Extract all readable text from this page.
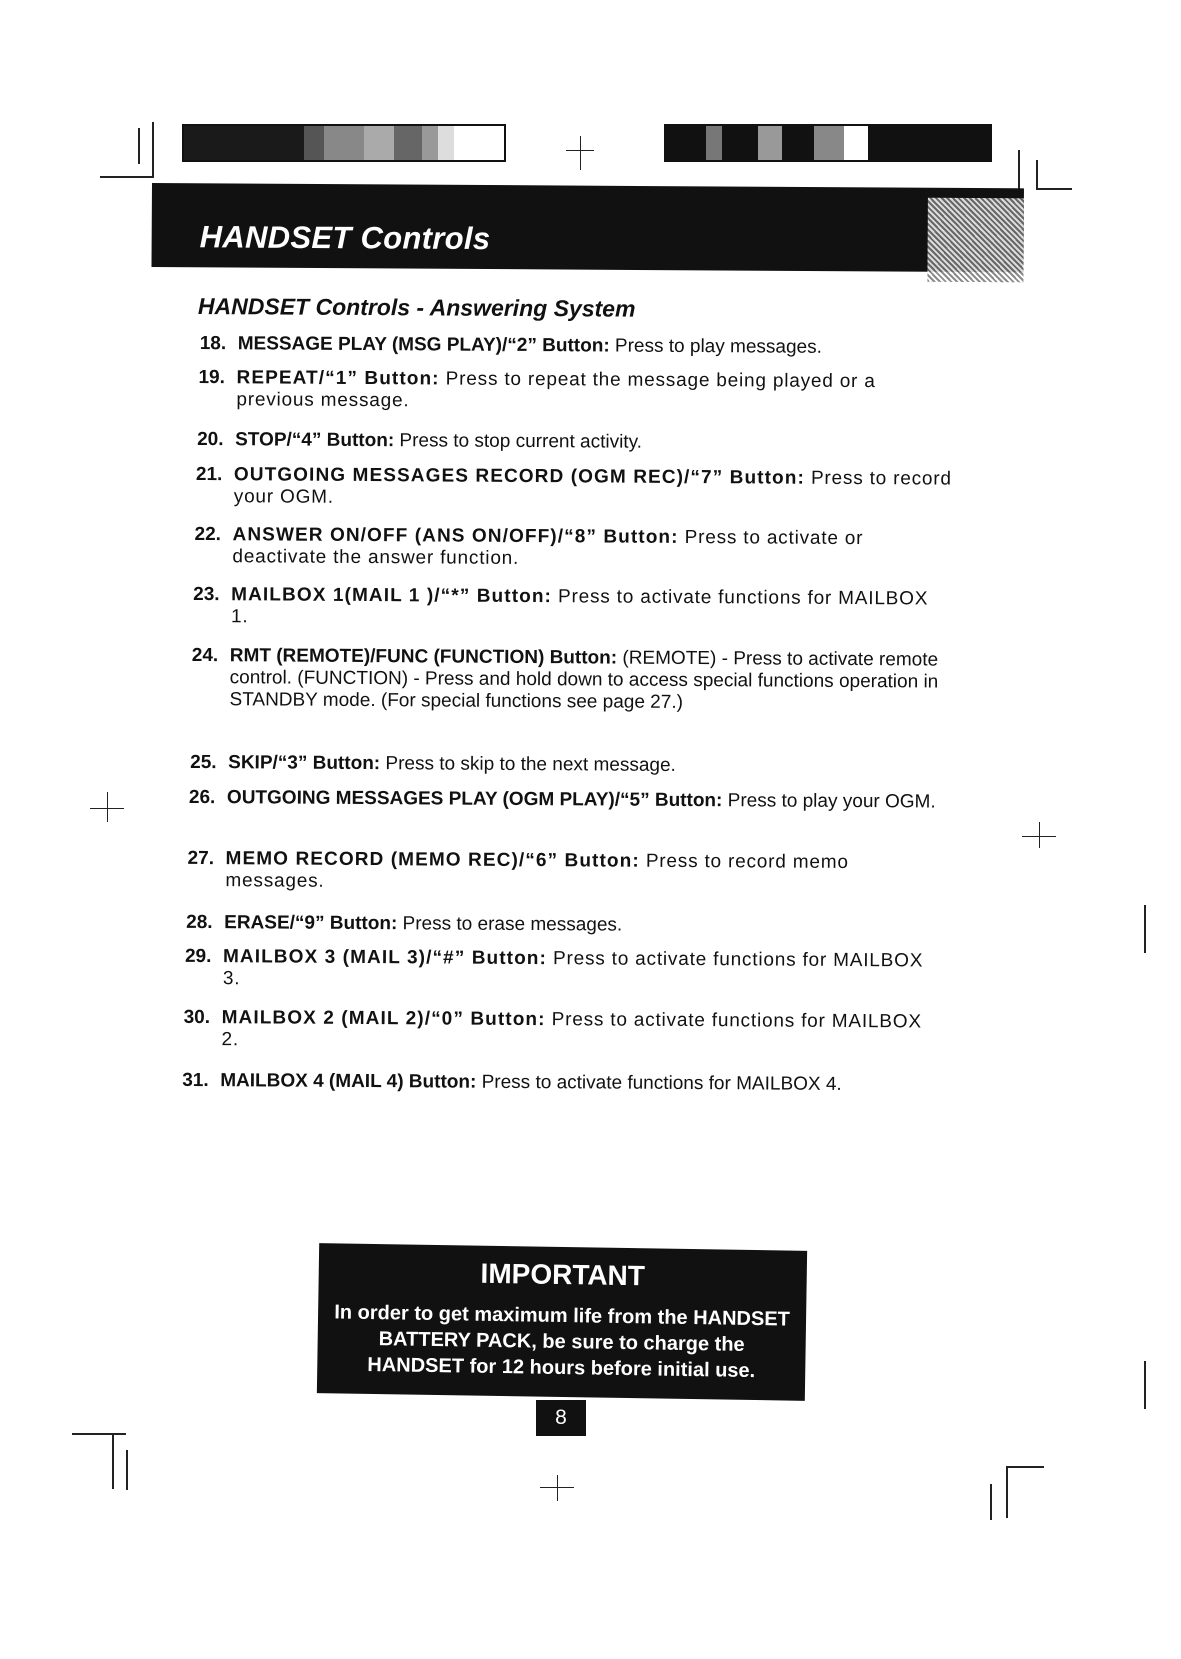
HANDSET Controls
HANDSET Controls - Answering System
18. MESSAGE PLAY (MSG PLAY)/“2” Button: Press to play messages.
19. REPEAT/“1” Button: Press to repeat the message being played or a previous message.
20. STOP/“4” Button: Press to stop current activity.
21. OUTGOING MESSAGES RECORD (OGM REC)/“7” Button: Press to record your OGM.
22. ANSWER ON/OFF (ANS ON/OFF)/“8” Button: Press to activate or deactivate the answer function.
23. MAILBOX 1(MAIL 1 )/“*” Button: Press to activate functions for MAILBOX 1.
24. RMT (REMOTE)/FUNC (FUNCTION) Button: (REMOTE) - Press to activate remote control. (FUNCTION) - Press and hold down to access special functions operation in STANDBY mode. (For special functions see page 27.)
25. SKIP/“3” Button: Press to skip to the next message.
26. OUTGOING MESSAGES PLAY (OGM PLAY)/“5” Button: Press to play your OGM.
27. MEMO RECORD (MEMO REC)/“6” Button: Press to record memo messages.
28. ERASE/“9” Button: Press to erase messages.
29. MAILBOX 3 (MAIL 3)/“#” Button: Press to activate functions for MAILBOX 3.
30. MAILBOX 2 (MAIL 2)/“0” Button: Press to activate functions for MAILBOX 2.
31. MAILBOX 4 (MAIL 4) Button: Press to activate functions for MAILBOX 4.
IMPORTANT
In order to get maximum life from the HANDSET BATTERY PACK, be sure to charge the HANDSET for 12 hours before initial use.
8
